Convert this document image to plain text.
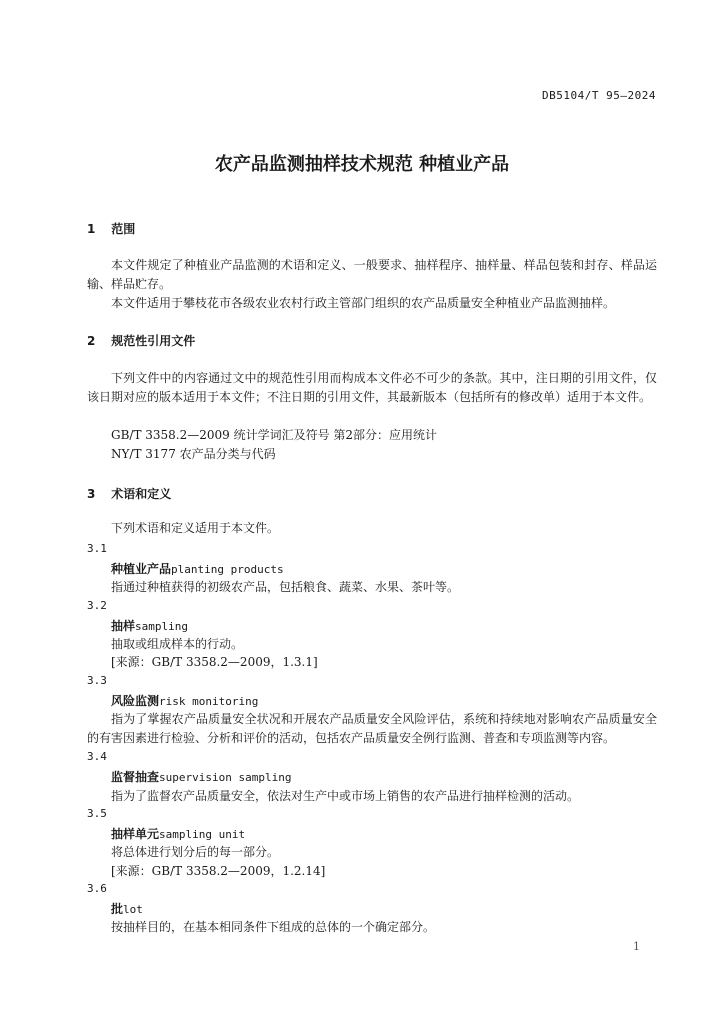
DB5104/T 95—2024
农产品监测抽样技术规范 种植业产品
1 范围
本文件规定了种植业产品监测的术语和定义、一般要求、抽样程序、抽样量、样品包装和封存、样品运输、样品贮存。
本文件适用于攀枝花市各级农业农村行政主管部门组织的农产品质量安全种植业产品监测抽样。
2 规范性引用文件
下列文件中的内容通过文中的规范性引用而构成本文件必不可少的条款。其中，注日期的引用文件，仅该日期对应的版本适用于本文件；不注日期的引用文件，其最新版本（包括所有的修改单）适用于本文件。
GB/T 3358.2—2009 统计学词汇及符号 第2部分：应用统计
NY/T 3177 农产品分类与代码
3 术语和定义
下列术语和定义适用于本文件。
3.1
种植业产品planting products
指通过种植获得的初级农产品，包括粮食、蔬菜、水果、茶叶等。
3.2
抽样sampling
抽取或组成样本的行动。
[来源：GB/T 3358.2—2009，1.3.1]
3.3
风险监测risk monitoring
指为了掌握农产品质量安全状况和开展农产品质量安全风险评估，系统和持续地对影响农产品质量安全的有害因素进行检验、分析和评价的活动，包括农产品质量安全例行监测、普查和专项监测等内容。
3.4
监督抽查supervision sampling
指为了监督农产品质量安全，依法对生产中或市场上销售的农产品进行抽样检测的活动。
3.5
抽样单元sampling unit
将总体进行划分后的每一部分。
[来源：GB/T 3358.2—2009，1.2.14]
3.6
批lot
按抽样目的，在基本相同条件下组成的总体的一个确定部分。
1
